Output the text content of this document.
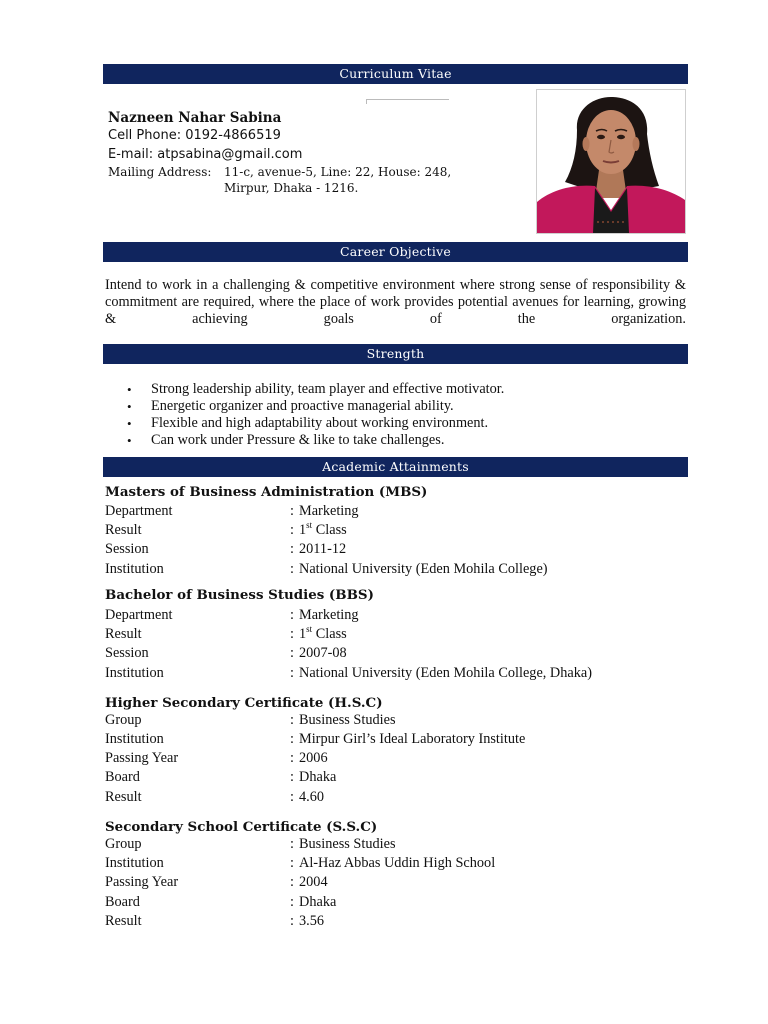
Curriculum Vitae
Nazneen Nahar Sabina
Cell Phone: 0192-4866519
E-mail: atpsabina@gmail.com
Mailing Address: 11-c, avenue-5, Line: 22, House: 248,
Mirpur, Dhaka - 1216.
Career Objective
Intend to work in a challenging & competitive environment where strong sense of responsibility & commitment are required, where the place of work provides potential avenues for learning, growing & achieving goals of the organization.
Strength
• Strong leadership ability, team player and effective motivator.
• Energetic organizer and proactive managerial ability.
• Flexible and high adaptability about working environment.
• Can work under Pressure & like to take challenges.
Academic Attainments
Masters of Business Administration (MBS)
Department	: Marketing
Result	: 1st Class
Session	: 2011-12
Institution	: National University (Eden Mohila College)
Bachelor of Business Studies (BBS)
Department	: Marketing
Result	: 1st Class
Session	: 2007-08
Institution	: National University (Eden Mohila College, Dhaka)
Higher Secondary Certificate (H.S.C)
Group	: Business Studies
Institution	: Mirpur Girl’s Ideal Laboratory Institute
Passing Year	: 2006
Board	: Dhaka
Result	: 4.60
Secondary School Certificate (S.S.C)
Group	: Business Studies
Institution	: Al-Haz Abbas Uddin High School
Passing Year	: 2004
Board	: Dhaka
Result	: 3.56
